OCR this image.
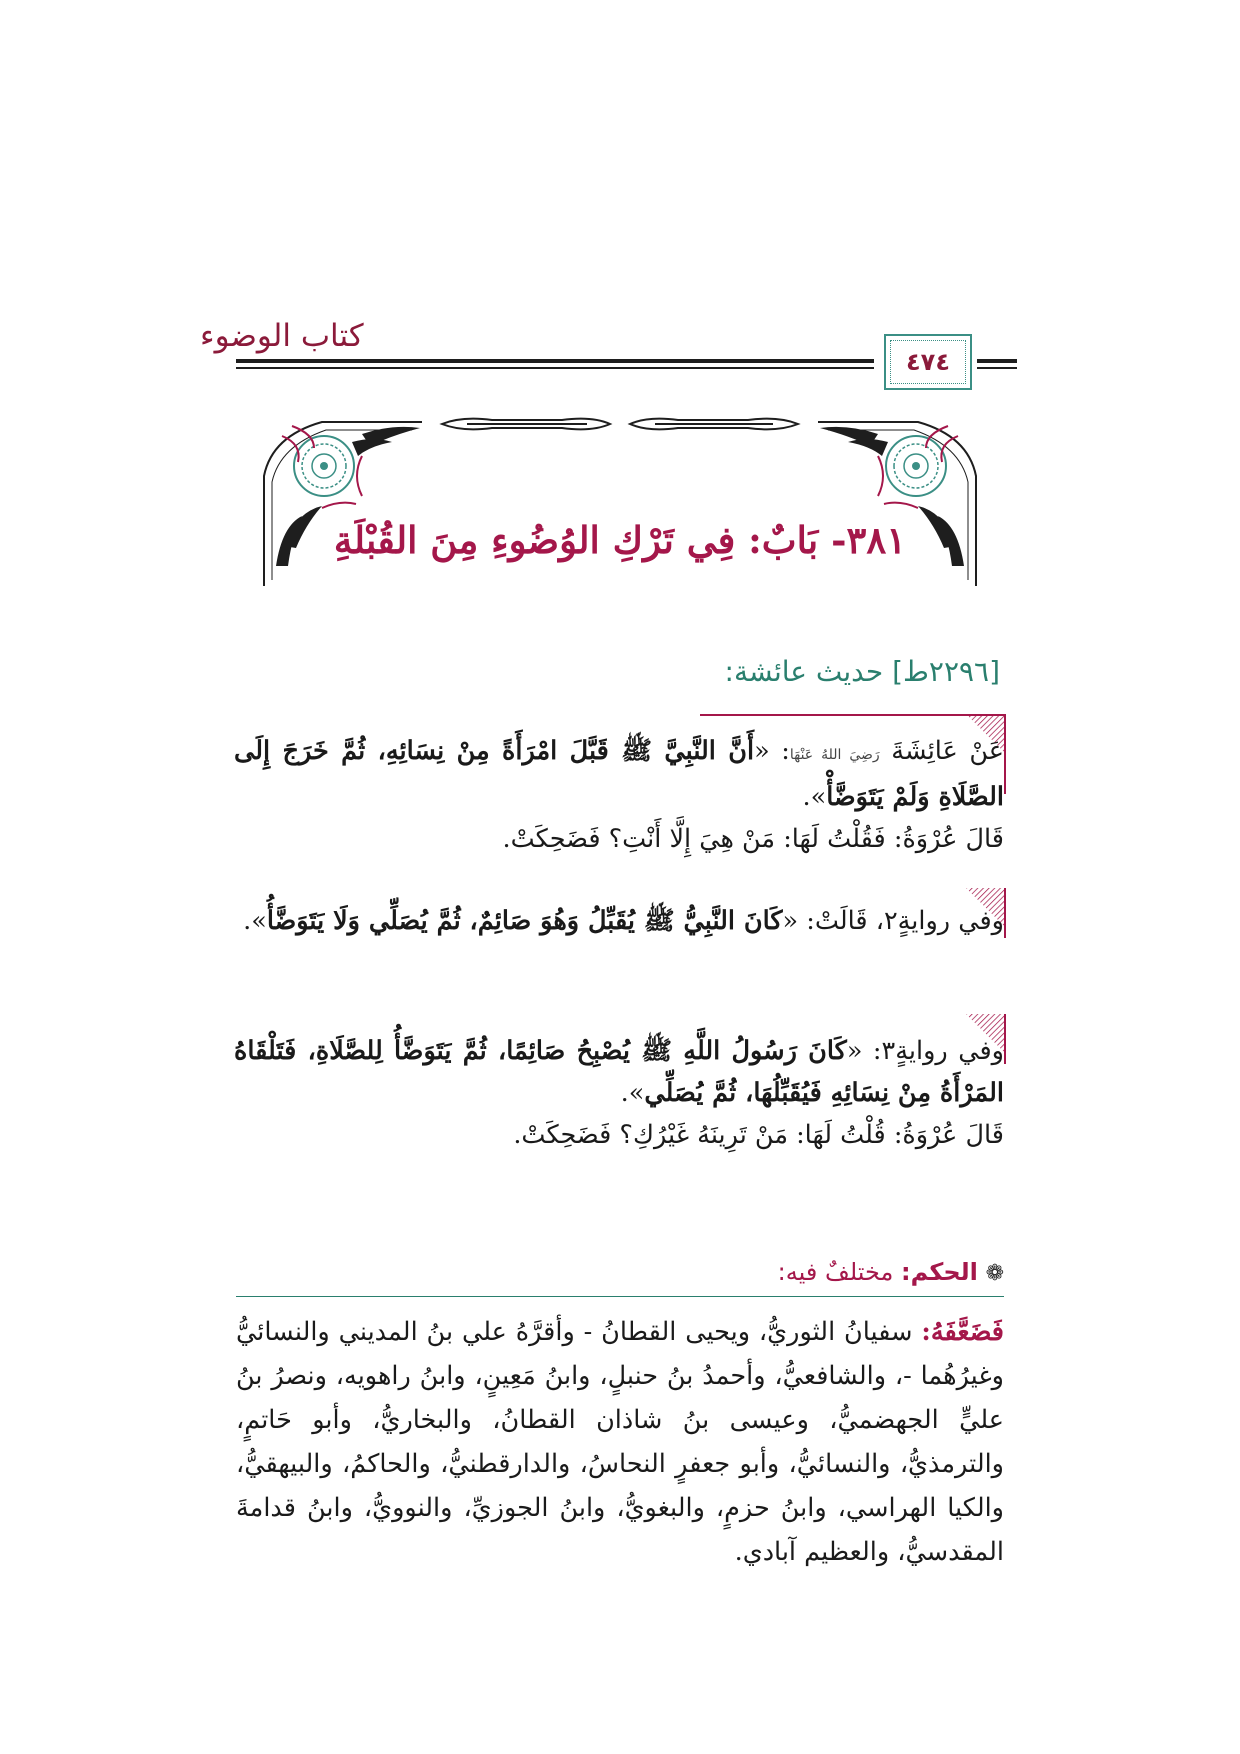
كتاب الوضوء
٤٧٤
٣٨١- بَابٌ: فِي تَرْكِ الوُضُوءِ مِنَ القُبْلَةِ
[٢٢٩٦ط] حديث عائشة:
عَنْ عَائِشَةَ رَضِيَ اللهُ عَنْهَا: «أَنَّ النَّبِيَّ ﷺ قَبَّلَ امْرَأَةً مِنْ نِسَائِهِ، ثُمَّ خَرَجَ إِلَى الصَّلَاةِ وَلَمْ يَتَوَضَّأْ».
قَالَ عُرْوَةُ: فَقُلْتُ لَهَا: مَنْ هِيَ إِلَّا أَنْتِ؟ فَضَحِكَتْ.
وفي روايةٍ٢، قَالَتْ: «كَانَ النَّبِيُّ ﷺ يُقَبِّلُ وَهُوَ صَائِمٌ، ثُمَّ يُصَلِّي وَلَا يَتَوَضَّأُ».
وفي روايةٍ٣: «كَانَ رَسُولُ اللَّهِ ﷺ يُصْبِحُ صَائِمًا، ثُمَّ يَتَوَضَّأُ لِلصَّلَاةِ، فَتَلْقَاهُ المَرْأَةُ مِنْ نِسَائِهِ فَيُقَبِّلُهَا، ثُمَّ يُصَلِّي».
قَالَ عُرْوَةُ: قُلْتُ لَهَا: مَنْ تَرِينَهُ غَيْرُكِ؟ فَضَحِكَتْ.
❁ الحكم: مختلفٌ فيه:
فَضَعَّفَهُ: سفيانُ الثوريُّ، ويحيى القطانُ - وأقرَّهُ علي بنُ المديني والنسائيُّ وغيرُهُما -، والشافعيُّ، وأحمدُ بنُ حنبلٍ، وابنُ مَعِينٍ، وابنُ راهويه، ونصرُ بنُ عليٍّ الجهضميُّ، وعيسى بنُ شاذان القطانُ، والبخاريُّ، وأبو حَاتمٍ، والترمذيُّ، والنسائيُّ، وأبو جعفرٍ النحاسُ، والدارقطنيُّ، والحاكمُ، والبيهقيُّ، والكيا الهراسي، وابنُ حزمٍ، والبغويُّ، وابنُ الجوزيِّ، والنوويُّ، وابنُ قدامةَ المقدسيُّ، والعظيم آبادي.
